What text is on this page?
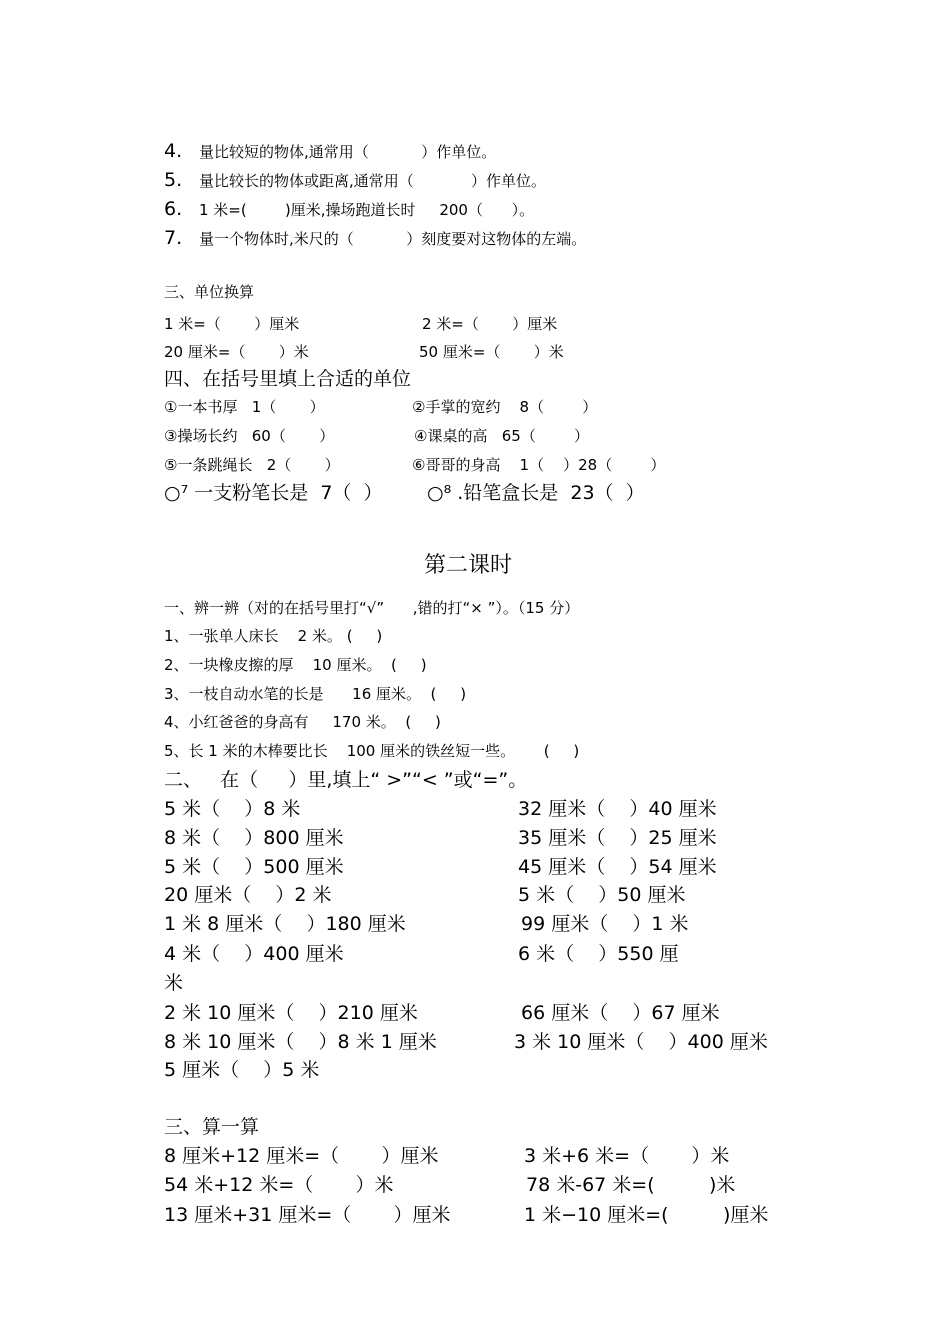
4. 量比较短的物体,通常用（           ）作单位。
5. 量比较长的物体或距离,通常用（            ）作单位。
6. 1 米=(        )厘米,操场跑道长时     200（      ）。
7. 量一个物体时,米尺的（           ）刻度要对这物体的左端。
三、单位换算
1 米=（       ）厘米	2 米=（       ）厘米
20 厘米=（       ）米	50 厘米=（       ）米
四、在括号里填上合适的单位
①一本书厚   1（       ）	②手掌的宽约    8（        ）
③操场长约   60（       ）	④课桌的高   65（        ）
⑤一条跳绳长   2（       ）	⑥哥哥的身高    1（    ）28（        ）
○⁷ 一支粉笔长是  7（  ） ○⁸ .铅笔盒长是  23（  ）
第二课时
一、辨一辨（对的在括号里打“√”      ,错的打“× ”）。（15 分）
1、一张单人床长    2 米。 (     )
2、一块橡皮擦的厚    10 厘米。  (     )
3、一枝自动水笔的长是      16 厘米。  (     )
4、小红爸爸的身高有     170 米。  (     )
5、长 1 米的木棒要比长    100 厘米的铁丝短一些。      (     )
二、   在（     ）里,填上“ >”“< ”或“=”。
5 米（    ）8 米	32 厘米（    ）40 厘米
8 米（    ）800 厘米	35 厘米（    ）25 厘米
5 米（    ）500 厘米	45 厘米（    ）54 厘米
20 厘米（    ）2 米	5 米（    ）50 厘米
1 米 8 厘米（    ）180 厘米	99 厘米（    ）1 米
4 米（    ）400 厘米	6 米（    ）550 厘
米
2 米 10 厘米（    ）210 厘米	66 厘米（    ）67 厘米
8 米 10 厘米（    ）8 米 1 厘米	3 米 10 厘米（    ）400 厘米
5 厘米（    ）5 米
三、算一算
8 厘米+12 厘米=（       ）厘米	3 米+6 米=（       ）米
54 米+12 米=（       ）米	78 米-67 米=(         )米
13 厘米+31 厘米=（       ）厘米	1 米−10 厘米=(         )厘米
